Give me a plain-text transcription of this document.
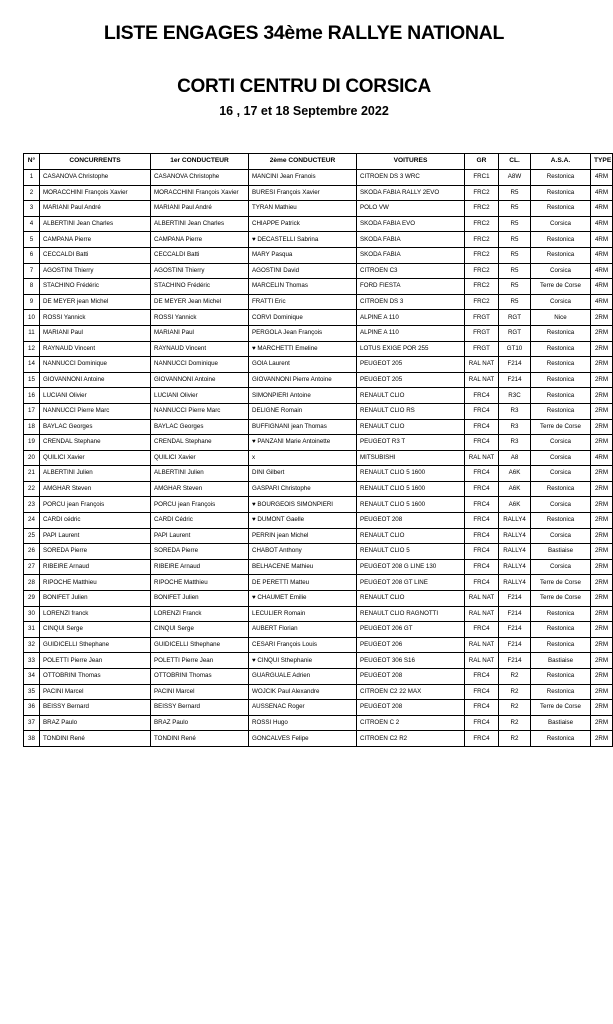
LISTE ENGAGES 34ème RALLYE NATIONAL
CORTI CENTRU DI CORSICA
16 , 17 et 18 Septembre 2022
N°	CONCURRENTS	1er CONDUCTEUR	2ème CONDUCTEUR	VOITURES	GR	CL.	A.S.A.	TYPE
1	CASANOVA Christophe	CASANOVA Christophe	MANCINI Jean Franois	CITROEN DS 3 WRC	FRC1	A8W	Restonica	4RM
2	MORACCHINI François Xavier	MORACCHINI François Xavier	BURESI François Xavier	SKODA FABIA RALLY 2EVO	FRC2	R5	Restonica	4RM
3	MARIANI Paul André	MARIANI Paul André	TYRAN Mathieu	POLO VW	FRC2	R5	Restonica	4RM
4	ALBERTINI Jean Charles	ALBERTINI Jean Charles	CHIAPPE Patrick	SKODA FABIA EVO	FRC2	R5	Corsica	4RM
5	CAMPANA Pierre	CAMPANA Pierre	♥ DECASTELLI Sabrina	SKODA FABIA	FRC2	R5	Restonica	4RM
6	CECCALDI Batti	CECCALDI Batti	MARY Pasqua	SKODA FABIA	FRC2	R5	Restonica	4RM
7	AGOSTINI Thierry	AGOSTINI Thierry	AGOSTINI David	CITROEN C3	FRC2	R5	Corsica	4RM
8	STACHINO Frédéric	STACHINO Frédéric	MARCELIN Thomas	FORD FIESTA	FRC2	R5	Terre de Corse	4RM
9	DE MEYER jean Michel	DE MEYER Jean Michel	FRATTI Eric	CITROEN DS 3	FRC2	R5	Corsica	4RM
10	ROSSI Yannick	ROSSI Yannick	CORVI Dominique	ALPINE A 110	FRGT	RGT	Nice	2RM
11	MARIANI Paul	MARIANI Paul	PERGOLA Jean François	ALPINE A 110	FRGT	RGT	Restonica	2RM
12	RAYNAUD Vincent	RAYNAUD Vincent	♥ MARCHETTI Emeline	LOTUS EXIGE POR 255	FRGT	GT10	Restonica	2RM
14	NANNUCCI Dominique	NANNUCCI Dominique	GOIA Laurent	PEUGEOT 205	RAL NAT	F214	Restonica	2RM
15	GIOVANNONI Antoine	GIOVANNONI Antoine	GIOVANNONI Pierre Antoine	PEUGEOT 205	RAL NAT	F214	Restonica	2RM
16	LUCIANI Olivier	LUCIANI Olivier	SIMONPIERI Antoine	RENAULT CLIO	FRC4	R3C	Restonica	2RM
17	NANNUCCI Pierre Marc	NANNUCCI Pierre Marc	DELIGNE Romain	RENAULT CLIO RS	FRC4	R3	Restonica	2RM
18	BAYLAC Georges	BAYLAC Georges	BUFFIGNANI jean Thomas	RENAULT CLIO	FRC4	R3	Terre de Corse	2RM
19	CRENDAL Stephane	CRENDAL Stephane	♥ PANZANI Marie Antoinette	PEUGEOT R3 T	FRC4	R3	Corsica	2RM
20	QUILICI Xavier	QUILICI Xavier	x	MITSUBISHI	RAL NAT	A8	Corsica	4RM
21	ALBERTINI Julien	ALBERTINI Julien	DINI Gilbert	RENAULT CLIO 5 1600	FRC4	A6K	Corsica	2RM
22	AMGHAR Steven	AMGHAR Steven	GASPARI Christophe	RENAULT CLIO 5 1600	FRC4	A6K	Restonica	2RM
23	PORCU jean François	PORCU jean François	♥ BOURGEOIS SIMONPIERI	RENAULT CLIO 5 1600	FRC4	A6K	Corsica	2RM
24	CARDI cédric	CARDI Cédric	♥ DUMONT Gaelle	PEUGEOT 208	FRC4	RALLY4	Restonica	2RM
25	PAPI Laurent	PAPI Laurent	PERRIN jean Michel	RENAULT CLIO	FRC4	RALLY4	Corsica	2RM
26	SOREDA Pierre	SOREDA Pierre	CHABOT Anthony	RENAULT CLIO 5	FRC4	RALLY4	Bastiaise	2RM
27	RIBEIRE Arnaud	RIBEIRE Arnaud	BELHACENE Mathieu	PEUGEOT 208 G LINE 130	FRC4	RALLY4	Corsica	2RM
28	RIPOCHE Matthieu	RIPOCHE Matthieu	DE PERETTI Matteu	PEUGEOT 208 GT LINE	FRC4	RALLY4	Terre de Corse	2RM
29	BONIFET Julien	BONIFET Julien	♥ CHAUMET Emilie	RENAULT CLIO	RAL NAT	F214	Terre de Corse	2RM
30	LORENZI franck	LORENZI Franck	LECULIER Romain	RENAULT CLIO RAGNOTTI	RAL NAT	F214	Restonica	2RM
31	CINQUI Serge	CINQUI Serge	AUBERT Florian	PEUGEOT 206 GT	FRC4	F214	Restonica	2RM
32	GUIDICELLI Sthephane	GUIDICELLI Sthephane	CESARI François Louis	PEUGEOT 206	RAL NAT	F214	Restonica	2RM
33	POLETTI Pierre Jean	POLETTI Pierre Jean	♥ CINQUI Sthephanie	PEUGEOT 306 S16	RAL NAT	F214	Bastiaise	2RM
34	OTTOBRINI Thomas	OTTOBRINI Thomas	GUARGUALE Adrien	PEUGEOT 208	FRC4	R2	Restonica	2RM
35	PACINI Marcel	PACINI Marcel	WOJCIK Paul Alexandre	CITROEN C2 22 MAX	FRC4	R2	Restonica	2RM
36	BEISSY Bernard	BEISSY Bernard	AUSSENAC Roger	PEUGEOT 208	FRC4	R2	Terre de Corse	2RM
37	BRAZ Paulo	BRAZ Paulo	ROSSI Hugo	CITROEN C 2	FRC4	R2	Bastiaise	2RM
38	TONDINI René	TONDINI René	GONCALVES Felipe	CITROEN C2 R2	FRC4	R2	Restonica	2RM
